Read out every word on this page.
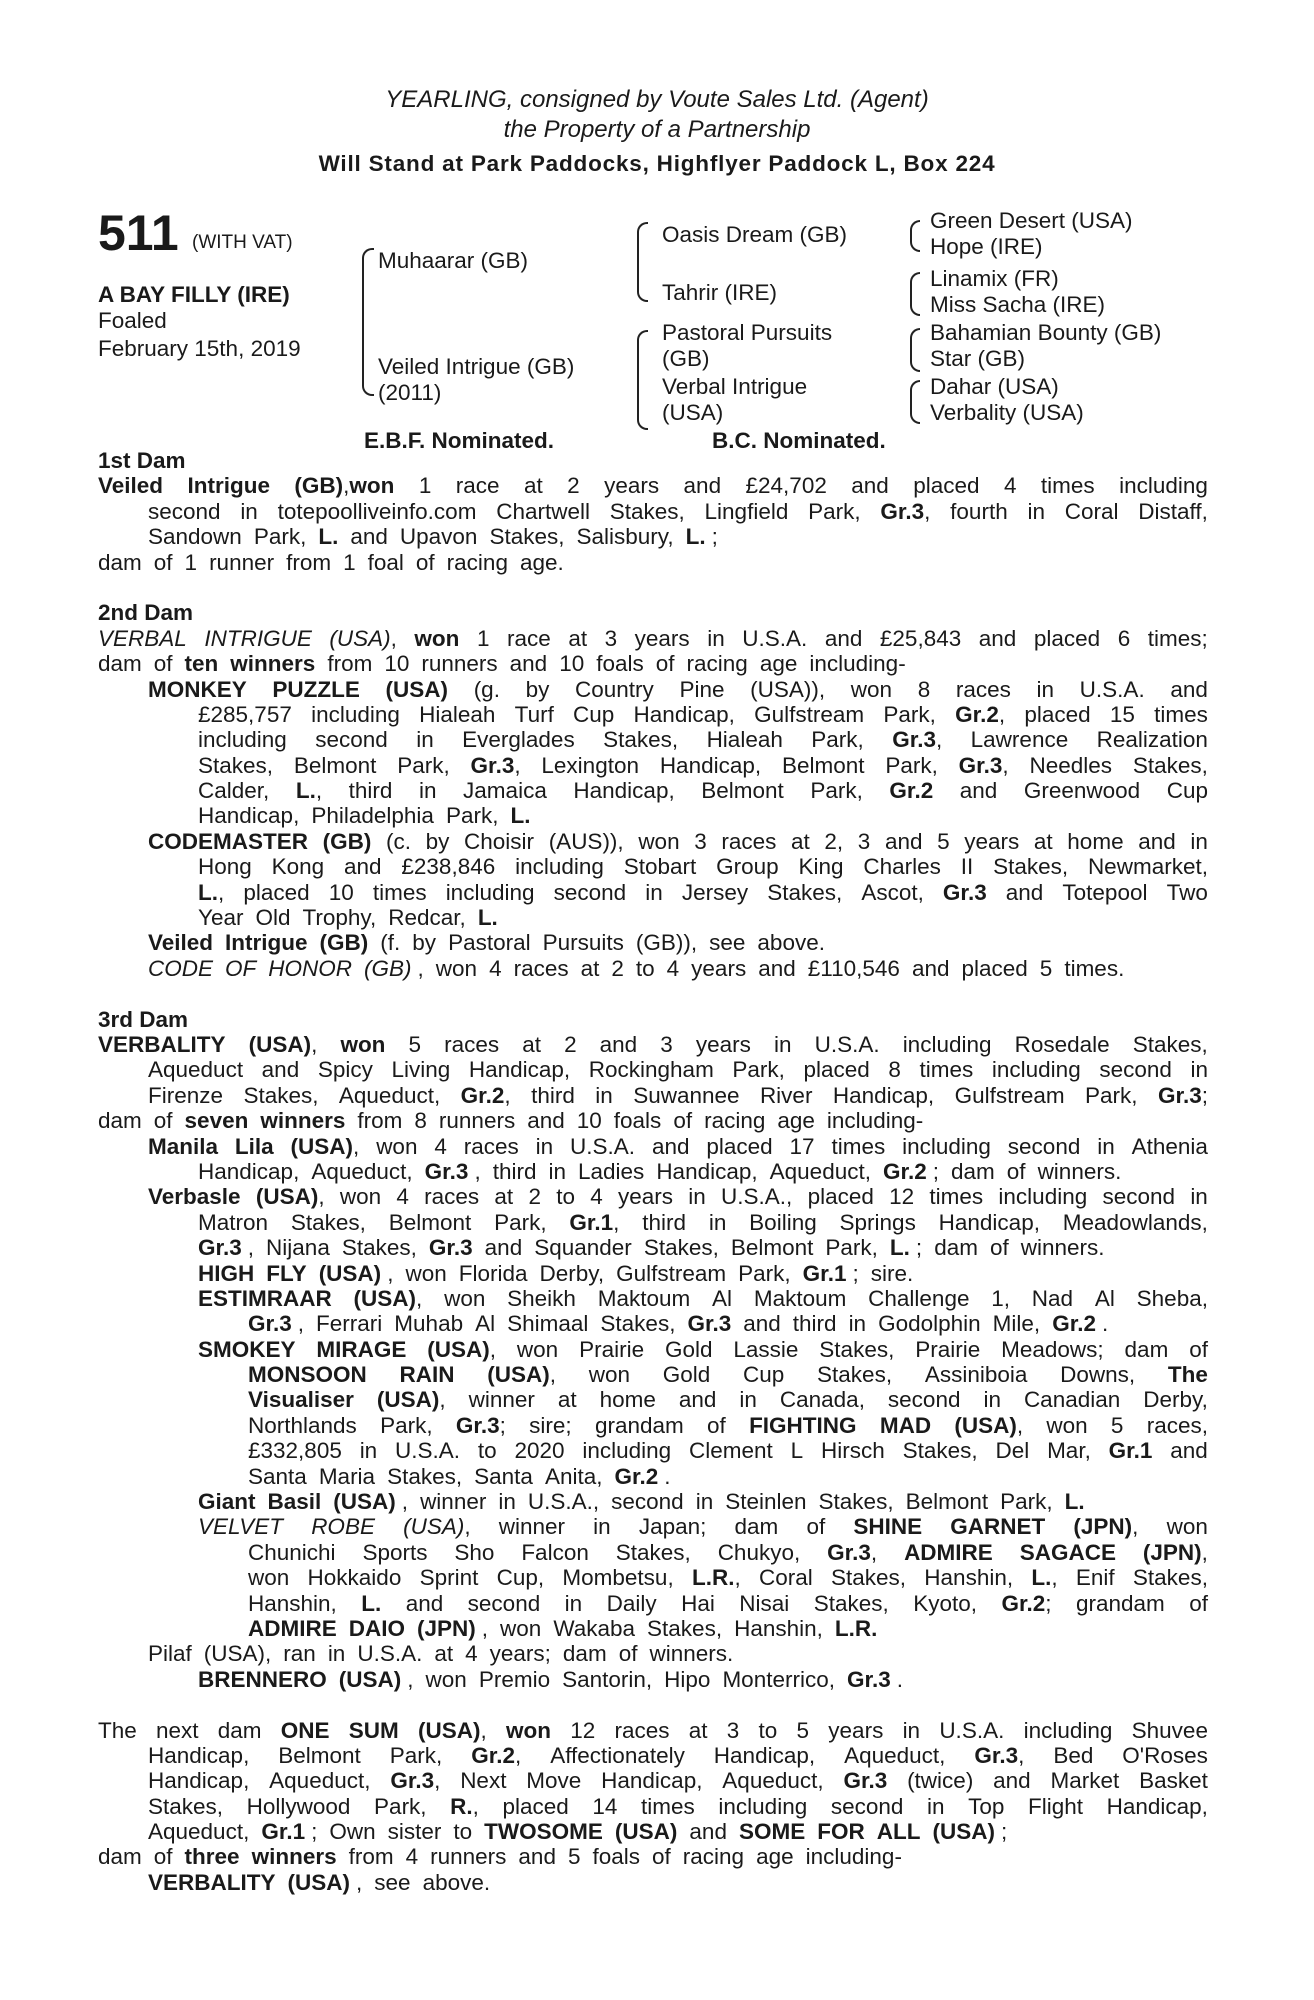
YEARLING, consigned by Voute Sales Ltd. (Agent)
the Property of a Partnership
Will Stand at Park Paddocks, Highflyer Paddock L, Box 224
511 (WITH VAT)
A BAY FILLY (IRE)
Foaled
February 15th, 2019
Muhaarar (GB)
Veiled Intrigue (GB)
(2011)
Oasis Dream (GB)
Tahrir (IRE)
Pastoral Pursuits
(GB)
Verbal Intrigue
(USA)
Green Desert (USA)
Hope (IRE)
Linamix (FR)
Miss Sacha (IRE)
Bahamian Bounty (GB)
Star (GB)
Dahar (USA)
Verbality (USA)
E.B.F. Nominated.	B.C. Nominated.
1st Dam
Veiled Intrigue (GB),won 1 race at 2 years and £24,702 and placed 4 times including
second in totepoolliveinfo.com Chartwell Stakes, Lingfield Park, Gr.3, fourth in Coral Distaff,
Sandown Park, L. and Upavon Stakes, Salisbury, L. ;
dam of 1 runner from 1 foal of racing age.
2nd Dam
VERBAL INTRIGUE (USA), won 1 race at 3 years in U.S.A. and £25,843 and placed 6 times;
dam of ten winners from 10 runners and 10 foals of racing age including-
MONKEY PUZZLE (USA) (g. by Country Pine (USA)), won 8 races in U.S.A. and
£285,757 including Hialeah Turf Cup Handicap, Gulfstream Park, Gr.2, placed 15 times
including second in Everglades Stakes, Hialeah Park, Gr.3, Lawrence Realization
Stakes, Belmont Park, Gr.3, Lexington Handicap, Belmont Park, Gr.3, Needles Stakes,
Calder, L., third in Jamaica Handicap, Belmont Park, Gr.2 and Greenwood Cup
Handicap, Philadelphia Park, L.
CODEMASTER (GB) (c. by Choisir (AUS)), won 3 races at 2, 3 and 5 years at home and in
Hong Kong and £238,846 including Stobart Group King Charles II Stakes, Newmarket,
L., placed 10 times including second in Jersey Stakes, Ascot, Gr.3 and Totepool Two
Year Old Trophy, Redcar, L.
Veiled Intrigue (GB) (f. by Pastoral Pursuits (GB)), see above.
CODE OF HONOR (GB) , won 4 races at 2 to 4 years and £110,546 and placed 5 times.
3rd Dam
VERBALITY (USA), won 5 races at 2 and 3 years in U.S.A. including Rosedale Stakes,
Aqueduct and Spicy Living Handicap, Rockingham Park, placed 8 times including second in
Firenze Stakes, Aqueduct, Gr.2, third in Suwannee River Handicap, Gulfstream Park, Gr.3;
dam of seven winners from 8 runners and 10 foals of racing age including-
Manila Lila (USA), won 4 races in U.S.A. and placed 17 times including second in Athenia
Handicap, Aqueduct, Gr.3 , third in Ladies Handicap, Aqueduct, Gr.2 ; dam of winners.
Verbasle (USA), won 4 races at 2 to 4 years in U.S.A., placed 12 times including second in
Matron Stakes, Belmont Park, Gr.1, third in Boiling Springs Handicap, Meadowlands,
Gr.3 , Nijana Stakes, Gr.3 and Squander Stakes, Belmont Park, L. ; dam of winners.
HIGH FLY (USA) , won Florida Derby, Gulfstream Park, Gr.1 ; sire.
ESTIMRAAR (USA), won Sheikh Maktoum Al Maktoum Challenge 1, Nad Al Sheba,
Gr.3 , Ferrari Muhab Al Shimaal Stakes, Gr.3 and third in Godolphin Mile, Gr.2 .
SMOKEY MIRAGE (USA), won Prairie Gold Lassie Stakes, Prairie Meadows; dam of
MONSOON RAIN (USA), won Gold Cup Stakes, Assiniboia Downs, The
Visualiser (USA), winner at home and in Canada, second in Canadian Derby,
Northlands Park, Gr.3; sire; grandam of FIGHTING MAD (USA), won 5 races,
£332,805 in U.S.A. to 2020 including Clement L Hirsch Stakes, Del Mar, Gr.1 and
Santa Maria Stakes, Santa Anita, Gr.2 .
Giant Basil (USA) , winner in U.S.A., second in Steinlen Stakes, Belmont Park, L.
VELVET ROBE (USA), winner in Japan; dam of SHINE GARNET (JPN), won
Chunichi Sports Sho Falcon Stakes, Chukyo, Gr.3, ADMIRE SAGACE (JPN),
won Hokkaido Sprint Cup, Mombetsu, L.R., Coral Stakes, Hanshin, L., Enif Stakes,
Hanshin, L. and second in Daily Hai Nisai Stakes, Kyoto, Gr.2; grandam of
ADMIRE DAIO (JPN) , won Wakaba Stakes, Hanshin, L.R.
Pilaf (USA), ran in U.S.A. at 4 years; dam of winners.
BRENNERO (USA) , won Premio Santorin, Hipo Monterrico, Gr.3 .
The next dam ONE SUM (USA), won 12 races at 3 to 5 years in U.S.A. including Shuvee
Handicap, Belmont Park, Gr.2, Affectionately Handicap, Aqueduct, Gr.3, Bed O'Roses
Handicap, Aqueduct, Gr.3, Next Move Handicap, Aqueduct, Gr.3 (twice) and Market Basket
Stakes, Hollywood Park, R., placed 14 times including second in Top Flight Handicap,
Aqueduct, Gr.1 ; Own sister to TWOSOME (USA) and SOME FOR ALL (USA) ;
dam of three winners from 4 runners and 5 foals of racing age including-
VERBALITY (USA) , see above.
